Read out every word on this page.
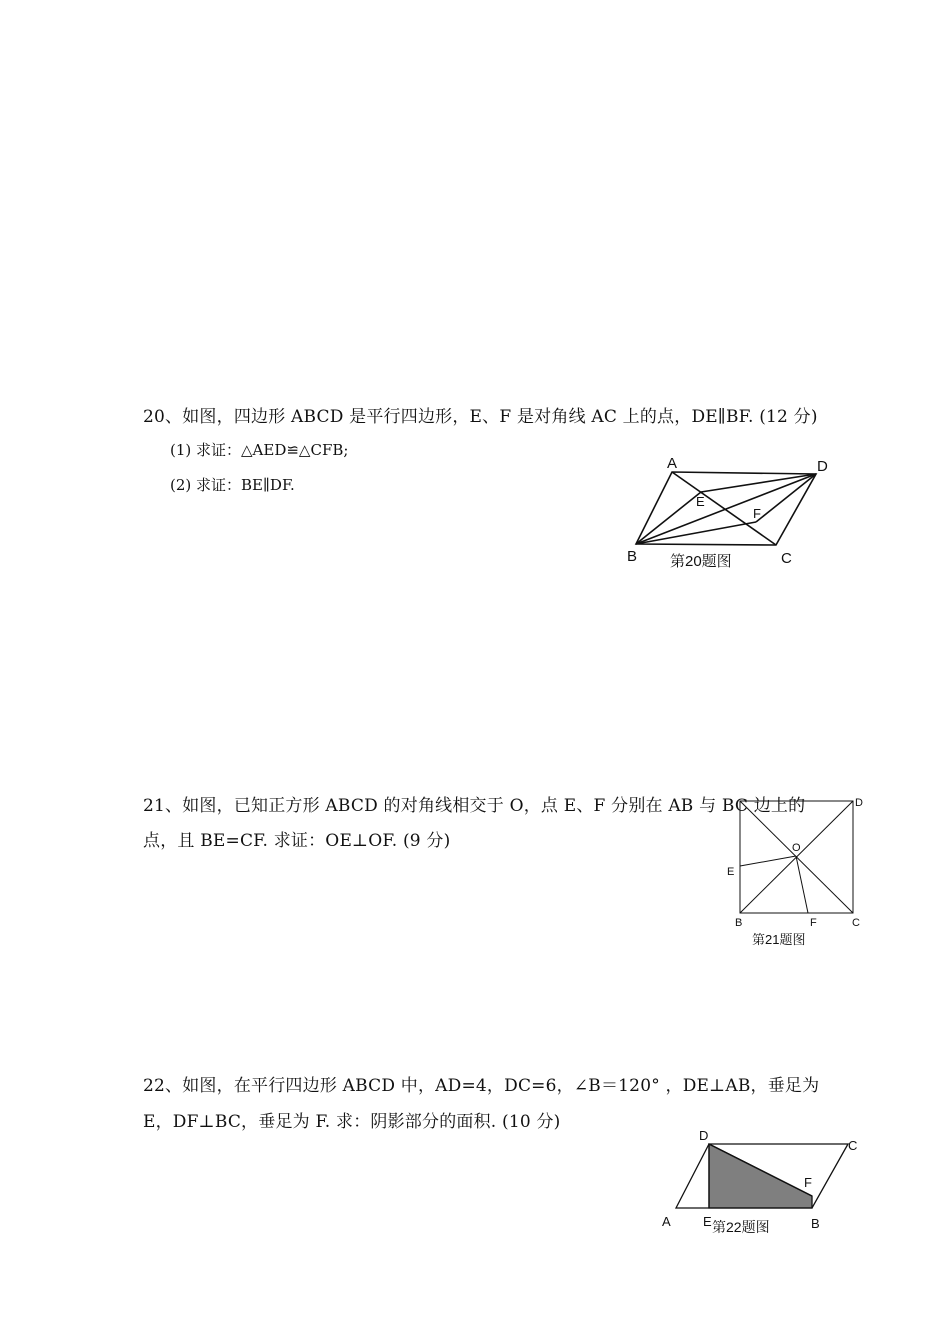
20、如图，四边形 ABCD 是平行四边形，E、F 是对角线 AC 上的点，DE∥BF. (12 分)
(1) 求证：△AED≌△CFB;
(2) 求证：BE∥DF.
A	D
E
F
B	C
第20题图
21、如图，已知正方形 ABCD 的对角线相交于 O，点 E、F 分别在 AB 与 BC 边上的
点，且 BE=CF. 求证：OE⊥OF. (9 分)
D
O
E
B	F	C
第21题图
22、如图，在平行四边形 ABCD 中，AD=4，DC=6，∠B＝120° ，DE⊥AB，垂足为
E，DF⊥BC，垂足为 F. 求：阴影部分的面积. (10 分)
D
C
F
A E	B
第22题图
